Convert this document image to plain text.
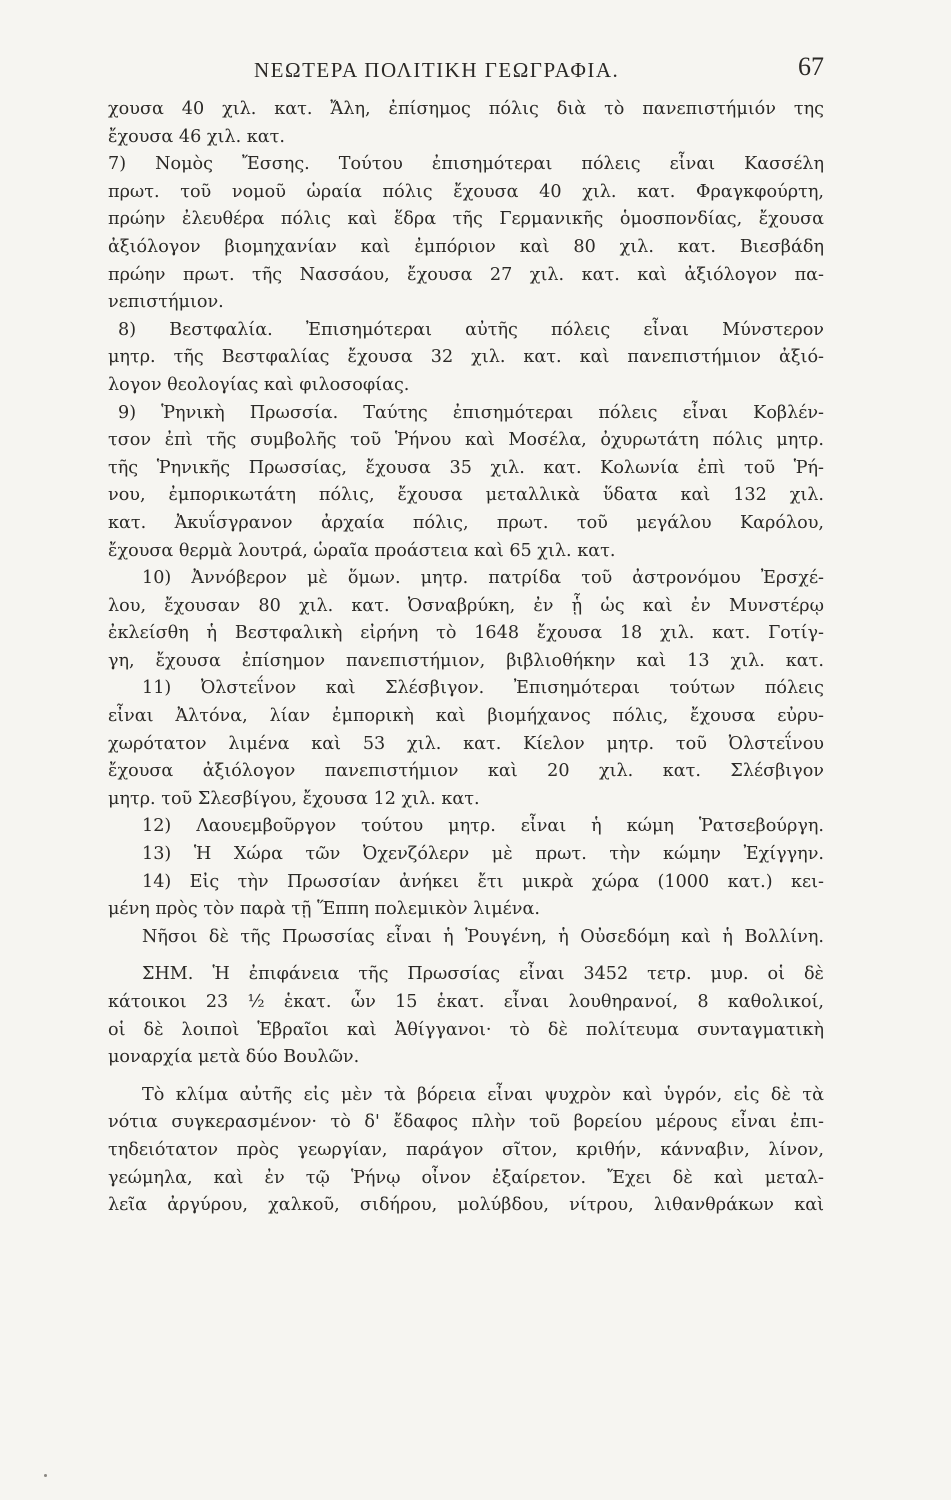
ΝΕΩΤΕΡΑ ΠΟΛΙΤΙΚΗ ΓΕΩΓΡΑΦΙΑ.	67
χουσα 40 χιλ. κατ. Ἄλη, ἐπίσημος πόλις διὰ τὸ πανεπιστήμιόν της
ἔχουσα 46 χιλ. κατ.
7) Νομὸς Ἔσσης. Τούτου ἐπισημότεραι πόλεις εἶναι Κασσέλη
πρωτ. τοῦ νομοῦ ὡραία πόλις ἔχουσα 40 χιλ. κατ. Φραγκφούρτη,
πρώην ἐλευθέρα πόλις καὶ ἕδρα τῆς Γερμανικῆς ὁμοσπονδίας, ἔχουσα
ἀξιόλογον βιομηχανίαν καὶ ἐμπόριον καὶ 80 χιλ. κατ. Βιεσβάδη
πρώην πρωτ. τῆς Νασσάου, ἔχουσα 27 χιλ. κατ. καὶ ἀξιόλογον πα-
νεπιστήμιον.
8) Βεστφαλία. Ἐπισημότεραι αὐτῆς πόλεις εἶναι Μύνστερον
μητρ. τῆς Βεστφαλίας ἔχουσα 32 χιλ. κατ. καὶ πανεπιστήμιον ἀξιό-
λογον θεολογίας καὶ φιλοσοφίας.
9) Ῥηνικὴ Πρωσσία. Ταύτης ἐπισημότεραι πόλεις εἶναι Κοβλέν-
τσον ἐπὶ τῆς συμβολῆς τοῦ Ῥήνου καὶ Μοσέλα, ὀχυρωτάτη πόλις μητρ.
τῆς Ῥηνικῆς Πρωσσίας, ἔχουσα 35 χιλ. κατ. Κολωνία ἐπὶ τοῦ Ῥή-
νου, ἐμπορικωτάτη πόλις, ἔχουσα μεταλλικὰ ὕδατα καὶ 132 χιλ.
κατ. Ἀκυΐσγρανον ἀρχαία πόλις, πρωτ. τοῦ μεγάλου Καρόλου,
ἔχουσα θερμὰ λουτρά, ὡραῖα προάστεια καὶ 65 χιλ. κατ.
10) Ἀννόβερον μὲ ὅμων. μητρ. πατρίδα τοῦ ἀστρονόμου Ἐρσχέ-
λου, ἔχουσαν 80 χιλ. κατ. Ὀσναβρύκη, ἐν ᾗ ὡς καὶ ἐν Μυνστέρῳ
ἐκλείσθη ἡ Βεστφαλικὴ εἰρήνη τὸ 1648 ἔχουσα 18 χιλ. κατ. Γοτίγ-
γη, ἔχουσα ἐπίσημον πανεπιστήμιον, βιβλιοθήκην καὶ 13 χιλ. κατ.
11) Ὀλστεΐνον καὶ Σλέσβιγον. Ἐπισημότεραι τούτων πόλεις
εἶναι Ἀλτόνα, λίαν ἐμπορικὴ καὶ βιομήχανος πόλις, ἔχουσα εὐρυ-
χωρότατον λιμένα καὶ 53 χιλ. κατ. Κίελον μητρ. τοῦ Ὀλστεΐνου
ἔχουσα ἀξιόλογον πανεπιστήμιον καὶ 20 χιλ. κατ. Σλέσβιγον
μητρ. τοῦ Σλεσβίγου, ἔχουσα 12 χιλ. κατ.
12) Λαουεμβοῦργον τούτου μητρ. εἶναι ἡ κώμη Ῥατσεβούργη.
13) Ἡ Χώρα τῶν Ὀχενζόλερν μὲ πρωτ. τὴν κώμην Ἐχίγγην.
14) Εἰς τὴν Πρωσσίαν ἀνήκει ἔτι μικρὰ χώρα (1000 κατ.) κει-
μένη πρὸς τὸν παρὰ τῇ Ἕππη πολεμικὸν λιμένα.
Νῆσοι δὲ τῆς Πρωσσίας εἶναι ἡ Ῥουγένη, ἡ Οὐσεδόμη καὶ ἡ Βολλίνη.
ΣΗΜ. Ἡ ἐπιφάνεια τῆς Πρωσσίας εἶναι 3452 τετρ. μυρ. οἱ δὲ
κάτοικοι 23 ½ ἑκατ. ὧν 15 ἑκατ. εἶναι λουθηρανοί, 8 καθολικοί,
οἱ δὲ λοιποὶ Ἑβραῖοι καὶ Ἀθίγγανοι· τὸ δὲ πολίτευμα συνταγματικὴ
μοναρχία μετὰ δύο Βουλῶν.
Τὸ κλίμα αὐτῆς εἰς μὲν τὰ βόρεια εἶναι ψυχρὸν καὶ ὑγρόν, εἰς δὲ τὰ
νότια συγκερασμένον· τὸ δ' ἔδαφος πλὴν τοῦ βορείου μέρους εἶναι ἐπι-
τηδειότατον πρὸς γεωργίαν, παράγον σῖτον, κριθήν, κάνναβιν, λίνον,
γεώμηλα, καὶ ἐν τῷ Ῥήνῳ οἶνον ἐξαίρετον. Ἔχει δὲ καὶ μεταλ-
λεῖα ἀργύρου, χαλκοῦ, σιδήρου, μολύβδου, νίτρου, λιθανθράκων καὶ
